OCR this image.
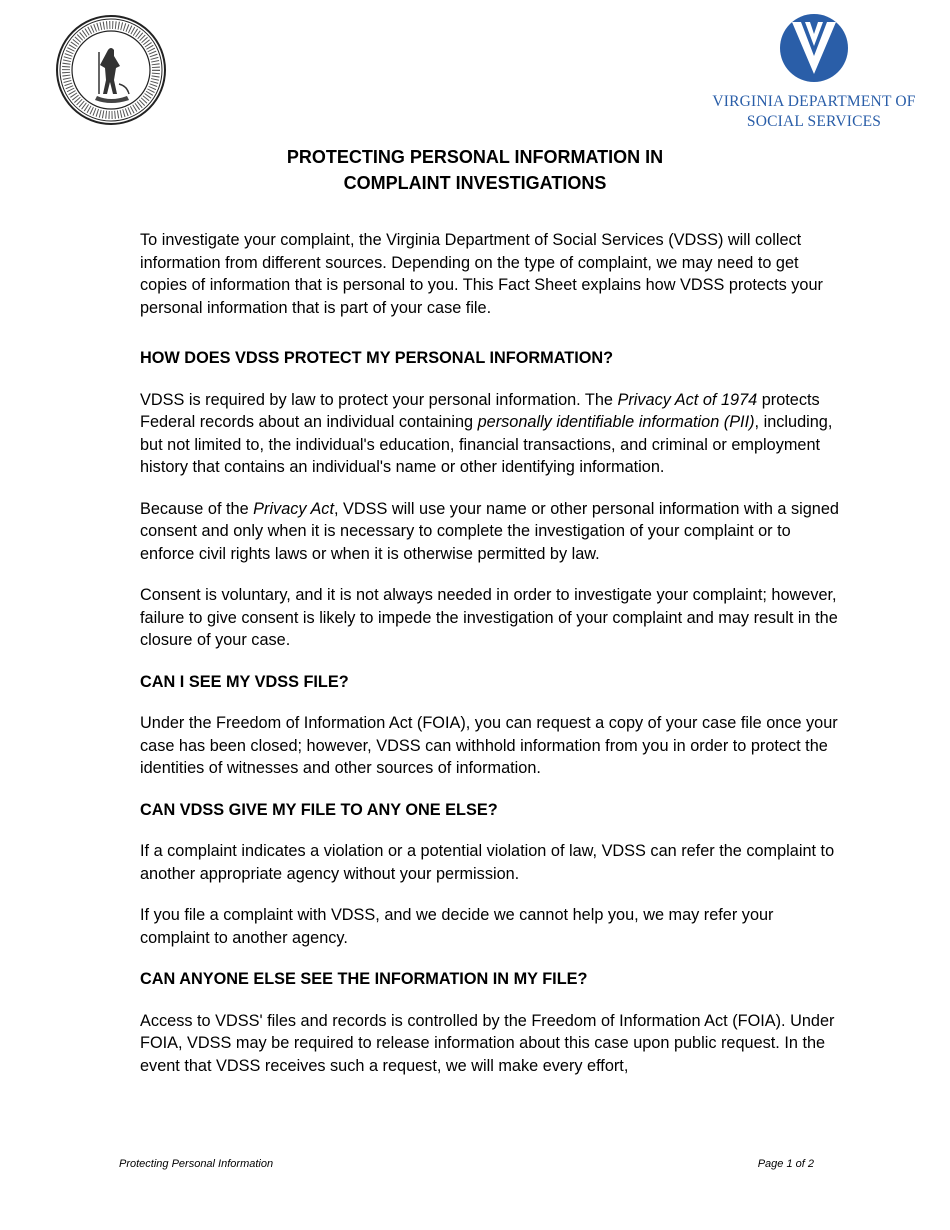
VIRGINIA DEPARTMENT OF
SOCIAL SERVICES
PROTECTING PERSONAL INFORMATION IN
COMPLAINT INVESTIGATIONS

To investigate your complaint, the Virginia Department of Social Services (VDSS) will collect information from different sources. Depending on the type of complaint, we may need to get copies of information that is personal to you. This Fact Sheet explains how VDSS protects your personal information that is part of your case file.

HOW DOES VDSS PROTECT MY PERSONAL INFORMATION?

VDSS is required by law to protect your personal information. The Privacy Act of 1974 protects Federal records about an individual containing personally identifiable information (PII), including, but not limited to, the individual's education, financial transactions, and criminal or employment history that contains an individual's name or other identifying information.

Because of the Privacy Act, VDSS will use your name or other personal information with a signed consent and only when it is necessary to complete the investigation of your complaint or to enforce civil rights laws or when it is otherwise permitted by law.

Consent is voluntary, and it is not always needed in order to investigate your complaint; however, failure to give consent is likely to impede the investigation of your complaint and may result in the closure of your case.

CAN I SEE MY VDSS FILE?

Under the Freedom of Information Act (FOIA), you can request a copy of your case file once your case has been closed; however, VDSS can withhold information from you in order to protect the identities of witnesses and other sources of information.

CAN VDSS GIVE MY FILE TO ANY ONE ELSE?

If a complaint indicates a violation or a potential violation of law, VDSS can refer the complaint to another appropriate agency without your permission.

If you file a complaint with VDSS, and we decide we cannot help you, we may refer your complaint to another agency.

CAN ANYONE ELSE SEE THE INFORMATION IN MY FILE?

Access to VDSS' files and records is controlled by the Freedom of Information Act (FOIA). Under FOIA, VDSS may be required to release information about this case upon public request. In the event that VDSS receives such a request, we will make every effort,

Protecting Personal Information	Page 1 of 2
